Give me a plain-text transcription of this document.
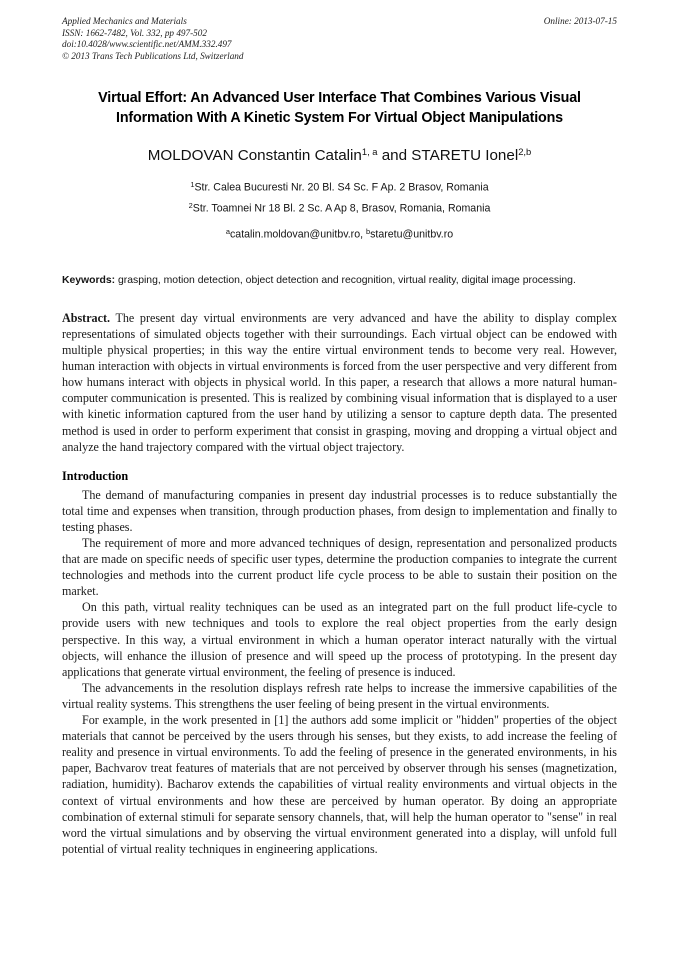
Applied Mechanics and Materials	Online: 2013-07-15
ISSN: 1662-7482, Vol. 332, pp 497-502
doi:10.4028/www.scientific.net/AMM.332.497
© 2013 Trans Tech Publications Ltd, Switzerland
Virtual Effort: An Advanced User Interface That Combines Various Visual Information With A Kinetic System For Virtual Object Manipulations
MOLDOVAN Constantin Catalin$^{1, a}$ and STARETU Ionel$^{2,b}$
$^1$Str. Calea Bucuresti Nr. 20 Bl. S4 Sc. F Ap. 2 Brasov, Romania
$^2$Str. Toamnei Nr 18 Bl. 2 Sc. A Ap 8, Brasov, Romania, Romania
$^a$catalin.moldovan@unitbv.ro, $^b$staretu@unitbv.ro
Keywords: grasping, motion detection, object detection and recognition, virtual reality, digital image processing.
Abstract. The present day virtual environments are very advanced and have the ability to display complex representations of simulated objects together with their surroundings. Each virtual object can be endowed with multiple physical properties; in this way the entire virtual environment tends to become very real. However, human interaction with objects in virtual environments is forced from the user perspective and very different from how humans interact with objects in physical world. In this paper, a research that allows a more natural human-computer communication is presented. This is realized by combining visual information that is displayed to a user with kinetic information captured from the user hand by utilizing a sensor to capture depth data. The presented method is used in order to perform experiment that consist in grasping, moving and dropping a virtual object and analyze the hand trajectory compared with the virtual object trajectory.
Introduction

The demand of manufacturing companies in present day industrial processes is to reduce substantially the total time and expenses when transition, through production phases, from design to implementation and finally to testing phases.

The requirement of more and more advanced techniques of design, representation and personalized products that are made on specific needs of specific user types, determine the production companies to integrate the current technologies and methods into the current product life cycle process to be able to sustain their position on the market.

On this path, virtual reality techniques can be used as an integrated part on the full product life-cycle to provide users with new techniques and tools to explore the real object properties from the early design perspective. In this way, a virtual environment in which a human operator interact naturally with the virtual objects, will enhance the illusion of presence and will speed up the process of prototyping. In the present day applications that generate virtual environment, the feeling of presence is induced.

The advancements in the resolution displays refresh rate helps to increase the immersive capabilities of the virtual reality systems. This strengthens the user feeling of being present in the virtual environments.

For example, in the work presented in [1] the authors add some implicit or "hidden" properties of the object materials that cannot be perceived by the users through his senses, but they exists, to add increase the feeling of reality and presence in virtual environments. To add the feeling of presence in the generated environments, in his paper, Bachvarov treat features of materials that are not perceived by observer through his senses (magnetization, radiation, humidity). Bacharov extends the capabilities of virtual reality environments and virtual objects in the context of virtual environments and how these are perceived by human operator. By doing an appropriate combination of external stimuli for separate sensory channels, that, will help the human operator to "sense" in real word the virtual simulations and by observing the virtual environment generated into a display, will unfold full potential of virtual reality techniques in engineering applications.
